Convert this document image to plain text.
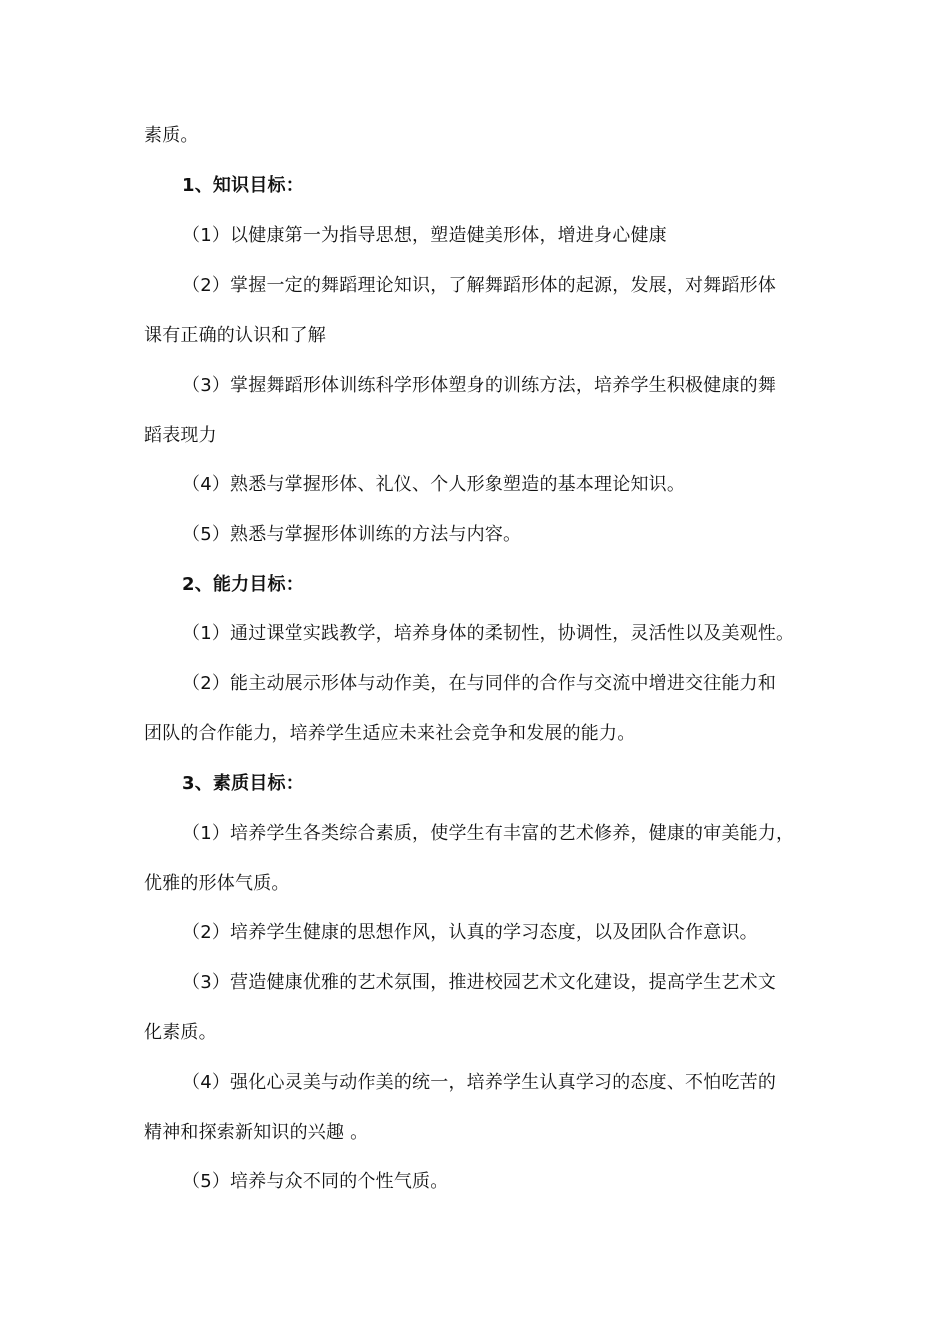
素质。
1、知识目标：
（1）以健康第一为指导思想，塑造健美形体，增进身心健康
（2）掌握一定的舞蹈理论知识，了解舞蹈形体的起源，发展，对舞蹈形体
课有正确的认识和了解
（3）掌握舞蹈形体训练科学形体塑身的训练方法，培养学生积极健康的舞
蹈表现力
（4）熟悉与掌握形体、礼仪、个人形象塑造的基本理论知识。
（5）熟悉与掌握形体训练的方法与内容。
2、能力目标：
（1）通过课堂实践教学，培养身体的柔韧性，协调性，灵活性以及美观性。
（2）能主动展示形体与动作美，在与同伴的合作与交流中增进交往能力和
团队的合作能力，培养学生适应未来社会竞争和发展的能力。
3、素质目标：
（1）培养学生各类综合素质，使学生有丰富的艺术修养，健康的审美能力，
优雅的形体气质。
（2）培养学生健康的思想作风，认真的学习态度，以及团队合作意识。
（3）营造健康优雅的艺术氛围，推进校园艺术文化建设，提高学生艺术文
化素质。
（4）强化心灵美与动作美的统一，培养学生认真学习的态度、不怕吃苦的
精神和探索新知识的兴趣 。
（5）培养与众不同的个性气质。
